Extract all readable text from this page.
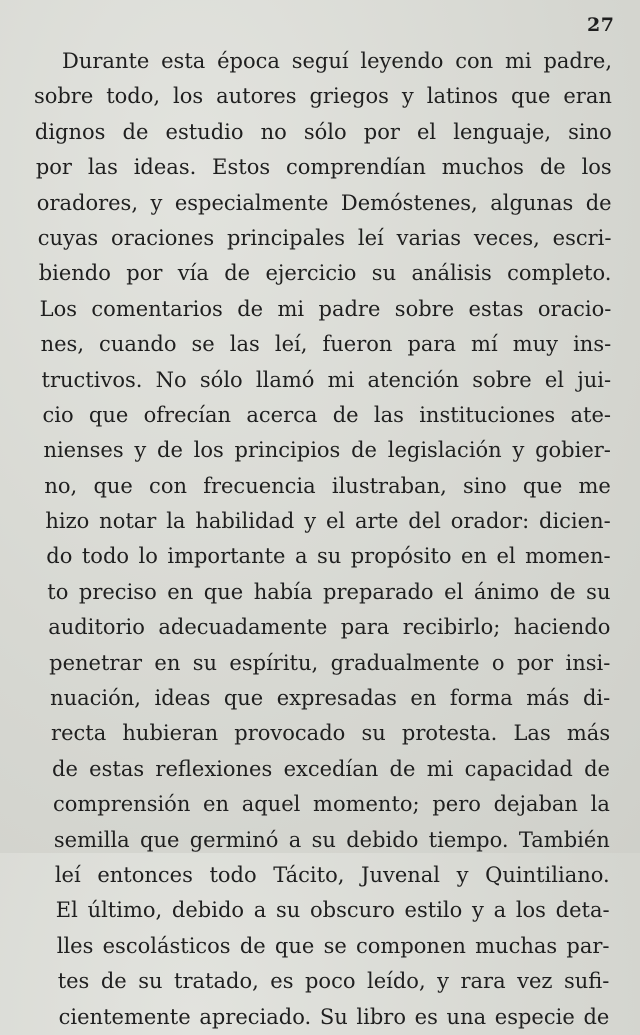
27
Durante esta época seguí leyendo con mi padre,
sobre todo, los autores griegos y latinos que eran
dignos de estudio no sólo por el lenguaje, sino
por las ideas. Estos comprendían muchos de los
oradores, y especialmente Demóstenes, algunas de
cuyas oraciones principales leí varias veces, escri-
biendo por vía de ejercicio su análisis completo.
Los comentarios de mi padre sobre estas oracio-
nes, cuando se las leí, fueron para mí muy ins-
tructivos. No sólo llamó mi atención sobre el jui-
cio que ofrecían acerca de las instituciones ate-
nienses y de los principios de legislación y gobier-
no, que con frecuencia ilustraban, sino que me
hizo notar la habilidad y el arte del orador: dicien-
do todo lo importante a su propósito en el momen-
to preciso en que había preparado el ánimo de su
auditorio adecuadamente para recibirlo; haciendo
penetrar en su espíritu, gradualmente o por insi-
nuación, ideas que expresadas en forma más di-
recta hubieran provocado su protesta. Las más
de estas reflexiones excedían de mi capacidad de
comprensión en aquel momento; pero dejaban la
semilla que germinó a su debido tiempo. También
leí entonces todo Tácito, Juvenal y Quintiliano.
El último, debido a su obscuro estilo y a los deta-
lles escolásticos de que se componen muchas par-
tes de su tratado, es poco leído, y rara vez sufi-
cientemente apreciado. Su libro es una especie de
